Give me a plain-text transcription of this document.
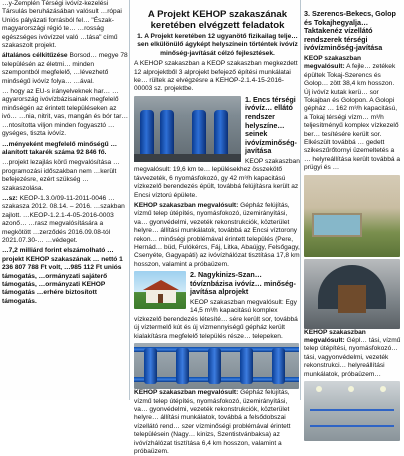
…y-Zemplén Térségi ivóvíz-kezelési Társulás beruházásában valósult …rópai Uniós pályázati forrásból fel… "Észak-magyarországi régió te… …rosság egészséges ivóvízzel való …tása" című szakaszolt projekt.

általános célkitűzése Borsod… megye 78 településén az életmi… minden szempontból megfelelő, …lévezhető minőségű ivóvíz folya… …ával.

… hogy az EU-s irányelveknek har… …agyarország ivóvízbázisainak megfelelő minőségén az érintett településeken az ivó… …nia, nitrit, vas, mangán és bór tar… …ntosította viljon minden fogyasztó …gységes, tiszta ivóvíz.

…ményeként megfelelő minőségű …alanított takarék száma 92 846 fő.

…projekt lezajlás körű megvalósítása …programozási időszakban nem …került befejezésre, ezért szükség …szakaszolása.

…sz: KEOP-1.3.0/09-11-2011-0046 … szakasza 2012. 08.14. – 2016. …szakban zajlott. …KEOP-1.2.1-4-05-2016-0003 azonő… …rasz megvalósítására a megkötött …zerződés 2016.09.08-tól 2021.07.30-… …védeget.

…7,2 milliárd forint elszámolható …projekt KEHOP szakaszának … nettó 1 236 807 788 Ft volt, …985 112 Ft uniós támogatás, …ormányzati sajáterő támogatás, …ormányzati KEHOP támogatás …erhére biztosított támogatás.

A Projekt KEHOP szakaszának
keretében elvégzett feladatok

1. A Projekt keretében 12 ugyanötő fizikailag telje… sen elkülönülő ágyképt helyszínein történtek ivóvíz minőség-javítását célzó fejlesztések.

A KEHOP szakaszban a KEOP szakaszban megkezdett 12 alprojektből 3 alprojekt befejező építési munkálatai ke… rültek az elvégzésre a KEHOP-2.1.4-15-2016-00003 sz. projektbe.

1. Encs térségi ivóvíz… ellátó rendszer helyszíne… seinek ivóvízminőség-javítása

KEOP szakaszban megvalósult: 19,6 km te… lepülésekhez összekötő távvezeték, 6 nyomásfokozó, gy 42 m³/h kapacitású vízkezelő berendezés épült, továbbá felújításra került az Encsi víztorú épülete.

KEHOP szakaszban megvalósult: Gépház felújítás, vízmű telep útépítés, nyomásfokozó, üzemirányítási, va… gyonvédelmi, vezeték rekonstrukciók, közterület helyre… állítási munkálatok, továbbá az Encsi víztorony rekon… minőségi problémával érintett település (Pere, Hernád… büd, Fulókércs, Fáj, Litka, Abaújgy, Felsőgagy, Csenyéte, Gagyapáti) az ivóvízhálózat tisztítása 17,8 km hosszon, valamint a próbaüzem.

2. Nagykinizs-Szan… tóvíznbázisa ivóvíz… minőség-javítása alprojekt

KEOP szakaszban megvalósult: Egy 14,5 m³/h kapacitású komplex vízkezelő berendezés létesíté… sére került sor, továbbá új víztermelő kút és új vízmennyiségű gépház került kialakításra megfelelő település része… telepeken.

KEHOP szakaszban megvalósult: Gépház felújítás, vízmű telep útépítés, nyomásfokozó, üzemirányítási, va… gyonvédelmi, vezeték rekonstrukciók, közterület helyre… állítási munkálatok, továbbá a felsődobszai vízellátó rend… szer vízminőségi problémával érintett településein (Nagy… kinizs, Szentistvánbaksa) az ivóvízhálózat tisztítása 6,4 km hosszon, valamint a próbaüzem.

3. Szerencs-Bekecs, Golop és Tokajhegyalja… Taktakenéz vízellátó rendszerek térségi ivóvízminőség-javítása

KEOP szakaszban megvalósult: A fejle… zetékek épültek Tokaj-Szerencs és Golop… zött 38,4 km hosszon. Új ivóvíz kutak kerü… sor Tokajban és Golopon. A Golopi gépház … 162 m³/h kapacitású, a Tokaj térségi vízm… m³/h teljesítményű komplex vízkezelő ber… tesítésére került sor. Elkészült továbbá … gedett szikeszűrőtornyi üzemeltetés a … helyreállítása került továbbá a prügyi és …

KEHOP szakaszban megvalósult: Gépl… tási, vízmű telep útépítési, nyomásfokozó… tási, vagyonvédelmi, vezeték rekonstrukci… helyreállítási munkálatok, próbaüzem…
